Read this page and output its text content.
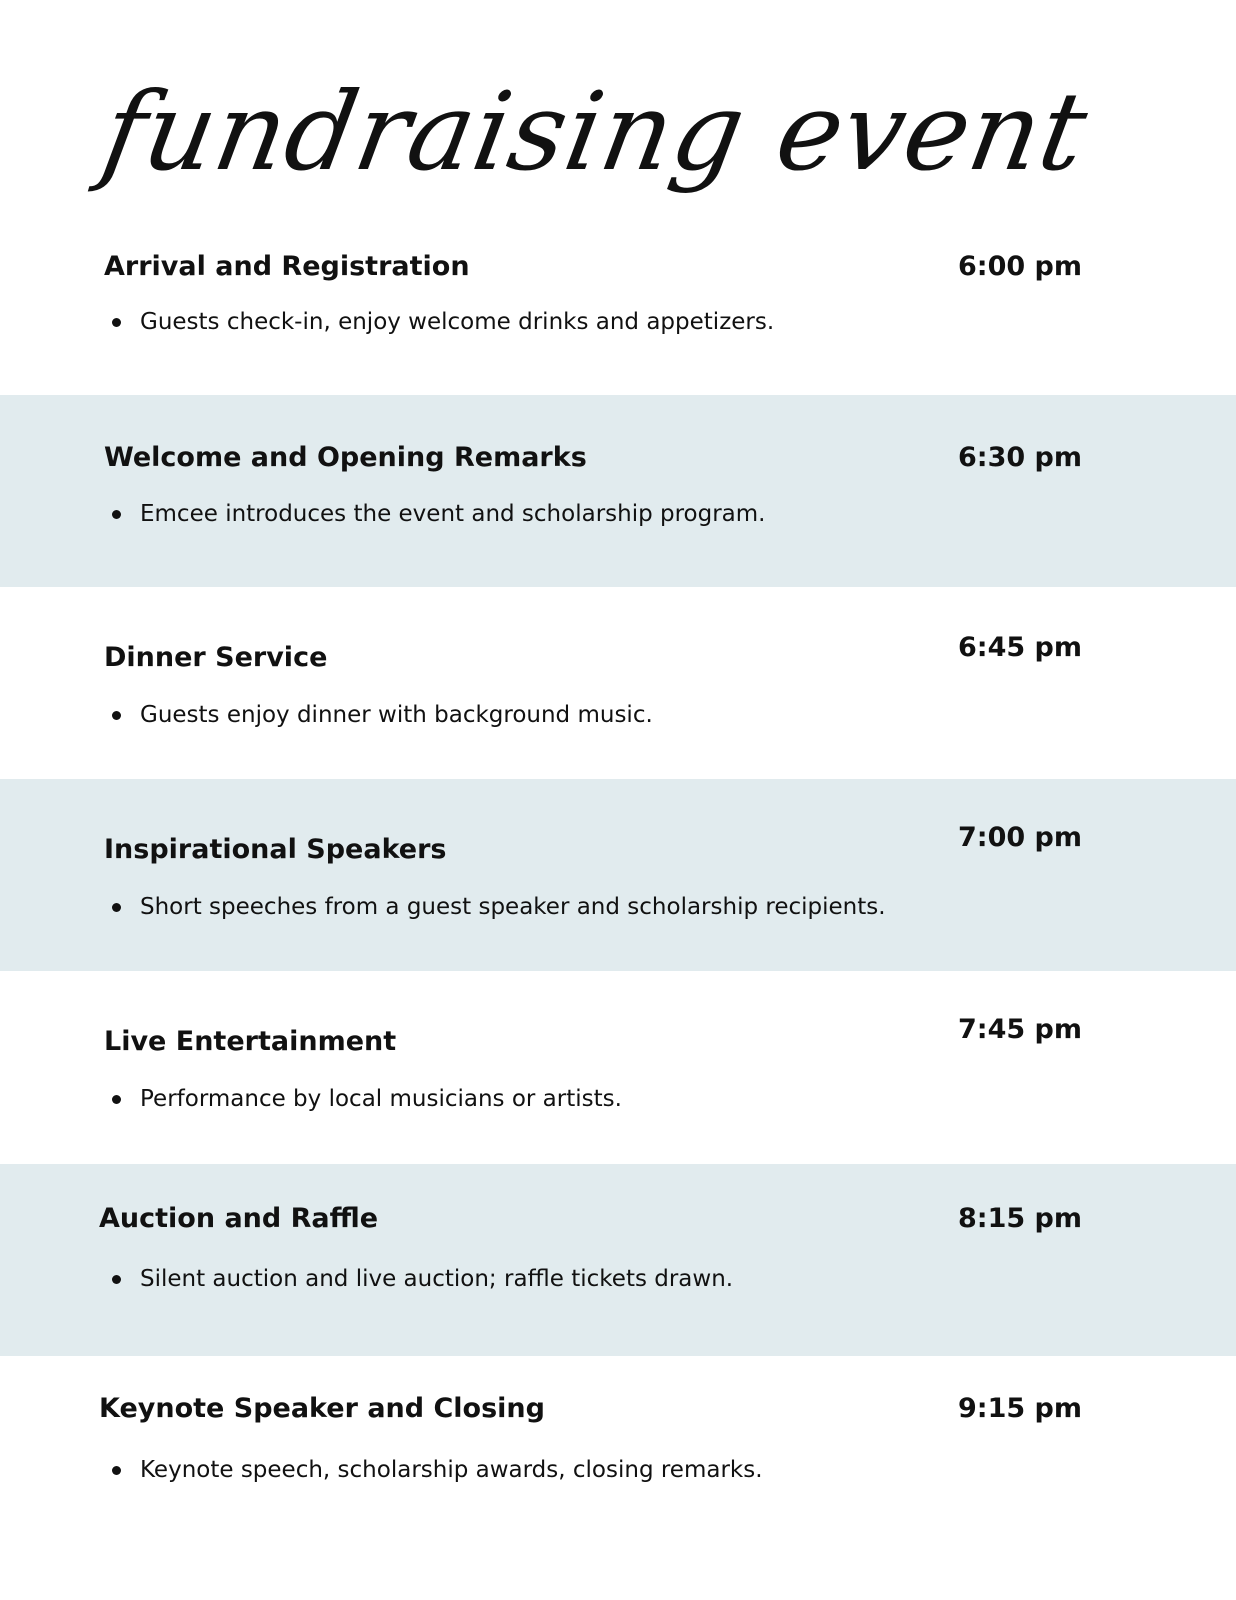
fundraising event
Arrival and Registration	6:00 pm
Guests check-in, enjoy welcome drinks and appetizers.
Welcome and Opening Remarks	6:30 pm
Emcee introduces the event and scholarship program.
Dinner Service	6:45 pm
Guests enjoy dinner with background music.
Inspirational Speakers	7:00 pm
Short speeches from a guest speaker and scholarship recipients.
Live Entertainment	7:45 pm
Performance by local musicians or artists.
Auction and Raffle	8:15 pm
Silent auction and live auction; raffle tickets drawn.
Keynote Speaker and Closing	9:15 pm
Keynote speech, scholarship awards, closing remarks.
